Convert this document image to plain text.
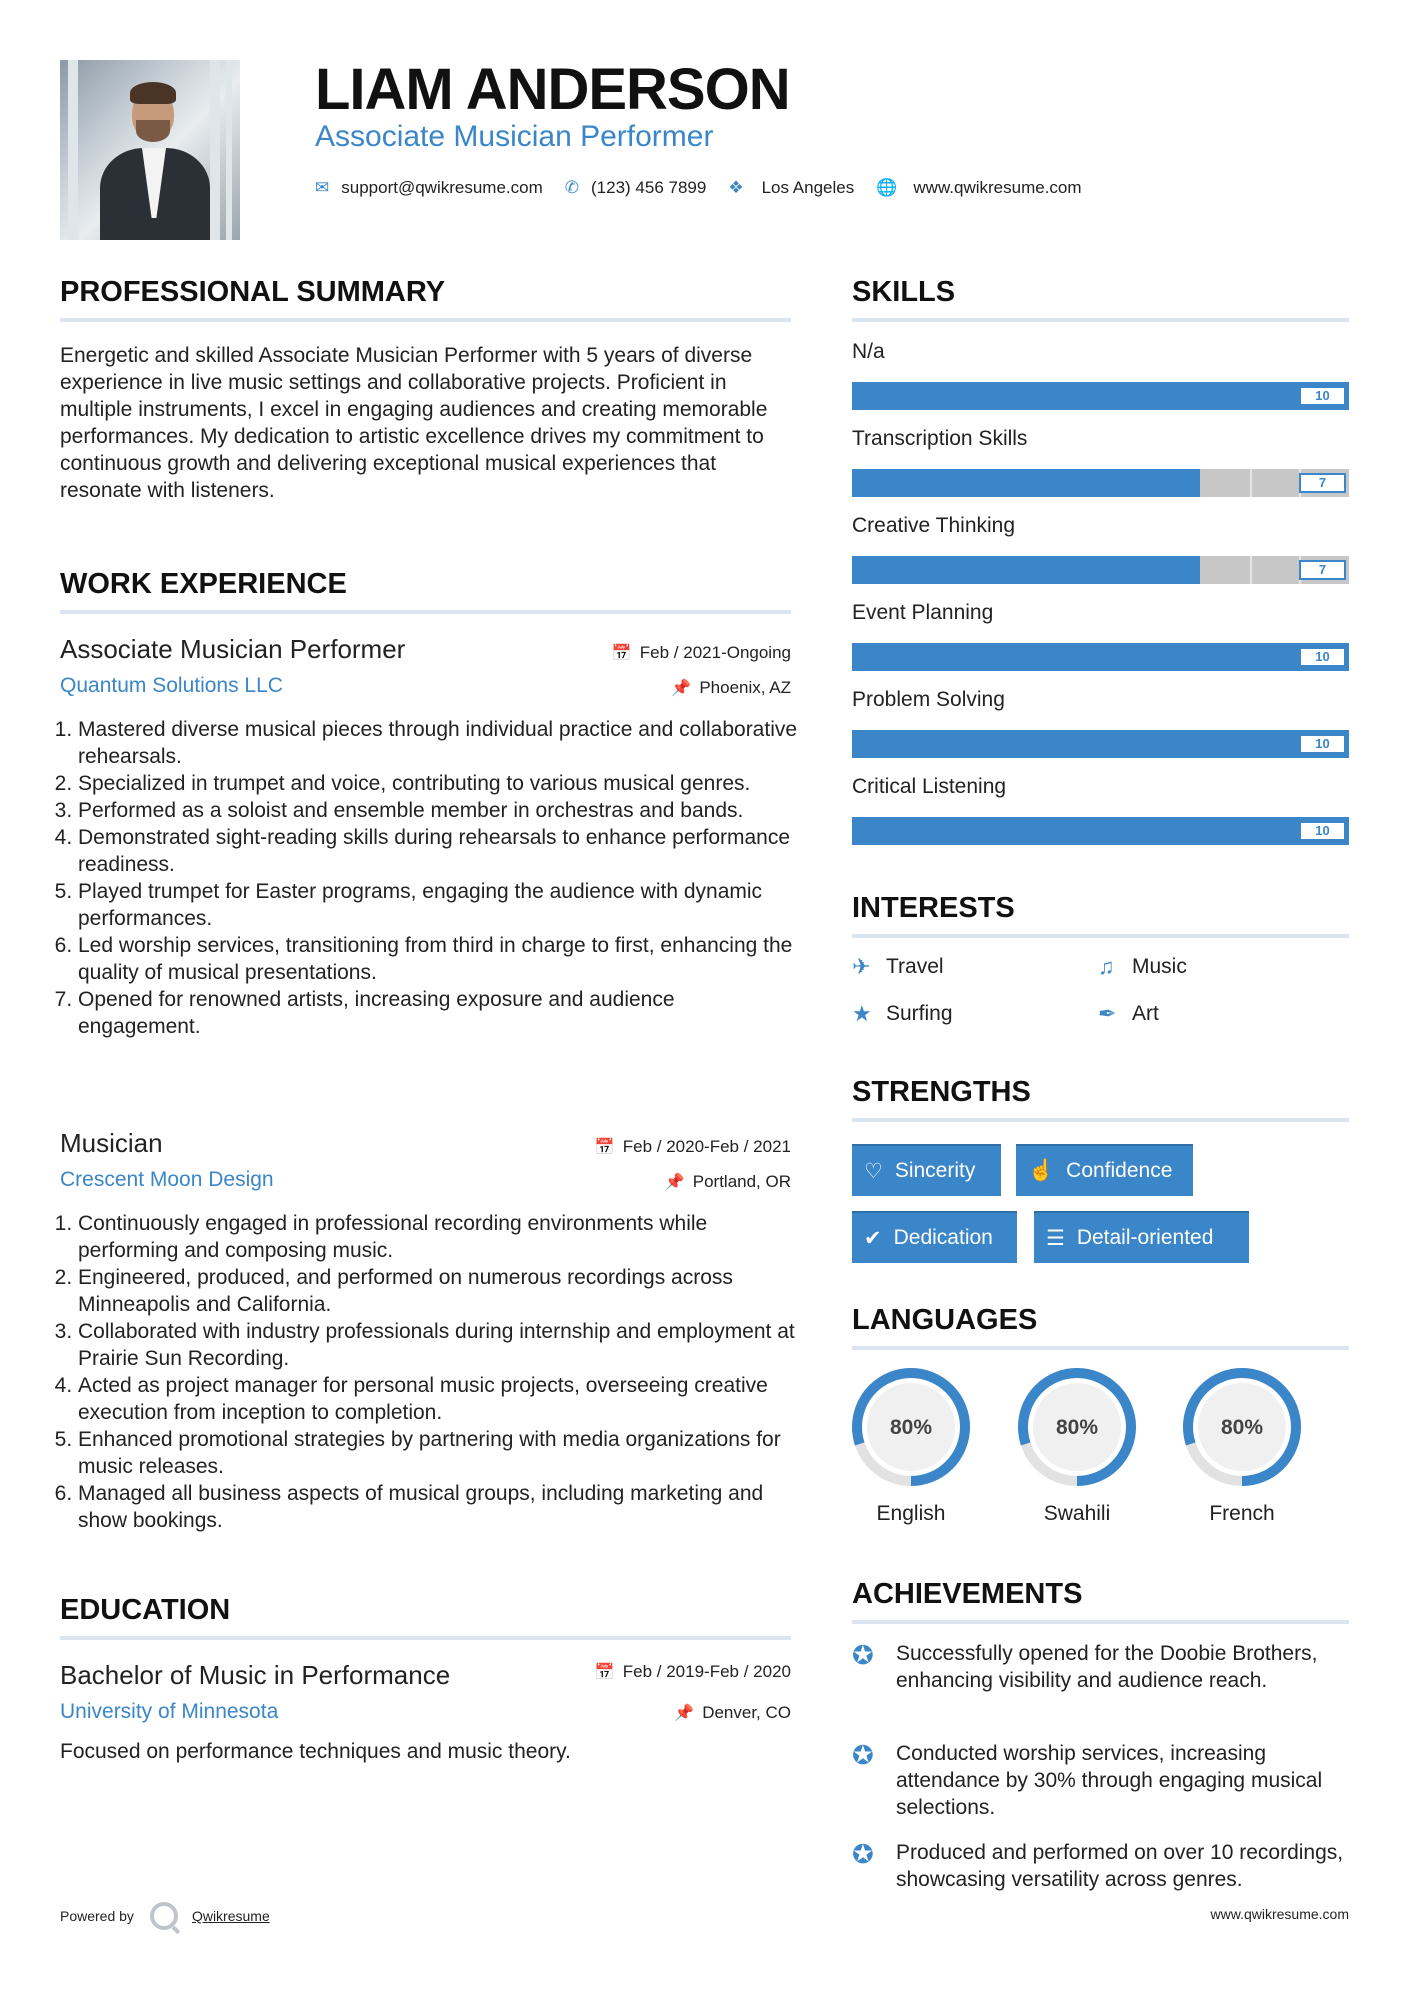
LIAM ANDERSON
Associate Musician Performer
✉ support@qwikresume.com ✆ (123) 456 7899 ❖ Los Angeles 🌐 www.qwikresume.com
PROFESSIONAL SUMMARY
Energetic and skilled Associate Musician Performer with 5 years of diverse experience in live music settings and collaborative projects. Proficient in multiple instruments, I excel in engaging audiences and creating memorable performances. My dedication to artistic excellence drives my commitment to continuous growth and delivering exceptional musical experiences that resonate with listeners.
WORK EXPERIENCE
Associate Musician Performer	📅 Feb / 2021-Ongoing
Quantum Solutions LLC	📌 Phoenix, AZ
1. Mastered diverse musical pieces through individual practice and collaborative rehearsals.
2. Specialized in trumpet and voice, contributing to various musical genres.
3. Performed as a soloist and ensemble member in orchestras and bands.
4. Demonstrated sight-reading skills during rehearsals to enhance performance readiness.
5. Played trumpet for Easter programs, engaging the audience with dynamic performances.
6. Led worship services, transitioning from third in charge to first, enhancing the quality of musical presentations.
7. Opened for renowned artists, increasing exposure and audience engagement.
Musician	📅 Feb / 2020-Feb / 2021
Crescent Moon Design	📌 Portland, OR
1. Continuously engaged in professional recording environments while performing and composing music.
2. Engineered, produced, and performed on numerous recordings across Minneapolis and California.
3. Collaborated with industry professionals during internship and employment at Prairie Sun Recording.
4. Acted as project manager for personal music projects, overseeing creative execution from inception to completion.
5. Enhanced promotional strategies by partnering with media organizations for music releases.
6. Managed all business aspects of musical groups, including marketing and show bookings.
EDUCATION
Bachelor of Music in Performance	📅 Feb / 2019-Feb / 2020
University of Minnesota	📌 Denver, CO
Focused on performance techniques and music theory.
SKILLS
N/a
10
Transcription Skills
7
Creative Thinking
7
Event Planning
10
Problem Solving
10
Critical Listening
10
INTERESTS
✈ Travel	♫ Music
★ Surfing	✒ Art
STRENGTHS
♡ Sincerity	☝ Confidence
✔ Dedication	☰ Detail-oriented
LANGUAGES
80%
English
80%
Swahili
80%
French
ACHIEVEMENTS
✪	Successfully opened for the Doobie Brothers, enhancing visibility and audience reach.
✪	Conducted worship services, increasing attendance by 30% through engaging musical selections.
✪	Produced and performed on over 10 recordings, showcasing versatility across genres.
Powered by	Qwikresume	www.qwikresume.com
